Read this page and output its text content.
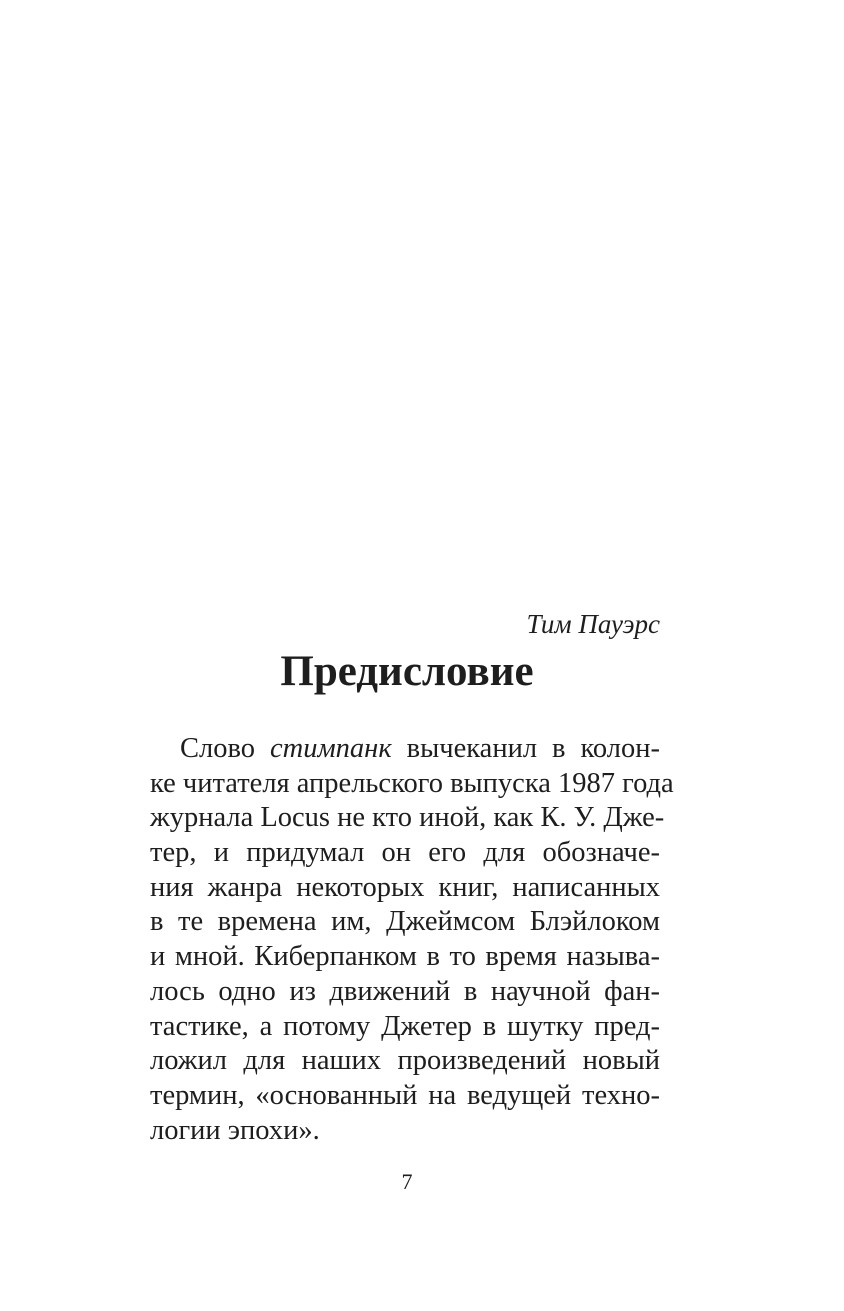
Тим Пауэрс

Предисловие
Слово стимпанк вычеканил в колон-
ке читателя апрельского выпуска 1987 года
журнала Locus не кто иной, как К. У. Дже-
тер, и придумал он его для обозначе-
ния жанра некоторых книг, написанных
в те времена им, Джеймсом Блэйлоком
и мной. Киберпанком в то время называ-
лось одно из движений в научной фан-
тастике, а потому Джетер в шутку пред-
ложил для наших произведений новый
термин, «основанный на ведущей техно-
логии эпохи».

7
